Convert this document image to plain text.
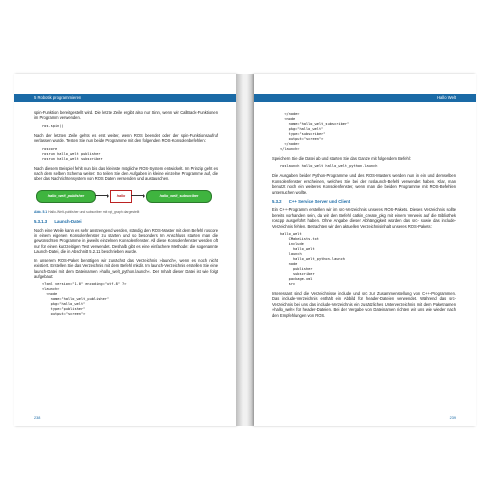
5 Robotik programmieren

spin-Funktion bereitgestellt wird. Die letzte Zeile ergibt also nur Sinn, wenn wir CallBack-Funktionen im Programm verwenden.

ros.spin()

Nach der letzten Zeile gehts es erst weiter, wenn ROS beendet oder der spin-Funktionsaufruf verlassen wurde. Testen Sie nun beide Programme mit den folgenden ROS-Konsolenbefehlen:

roscore
rosrun hallo_welt publisher
rosrun hallo_welt subscriber

Nach diesem Beispiel fehlt nun bis das kleinste mögliche ROS-System entwickelt. Im Prinzip geht es nach dem selben Schema weiter: So teilen Sie den Aufgaben in kleine einzelne Programme auf, die über das Nachrichtensystem von ROS Daten versenden und austauschen.

hallo_welt_publisher	hallo	hallo_welt_subscriber

Abb. 5.1 Hallo-Welt-publisher und subscriber mit rqt_graph dargestellt

5.3.1.3 Launch-Datei

Noch eine Weile kann es sehr anstrengend werden, ständig den ROS-Master mit dem Befehl roscore in einem eigenen Konsolenfenster zu starten und so besonders Im Anschluss starten man die gewünschten Programme in jeweils einzelnen Konsolenfenster. All diese Konsolenfenster werden oft nur für einen kurzzeitigen Test verwendet. Deshalb gibt es eine einfachere Methode: die sogenannte Launch-Datei, die in Abschnitt 5.2.11 beschrieben wurde.

In unserem ROS-Paket benötigen wir zunächst das Verzeichnis »launch«, wenn es noch nicht existiert. Erstellen Sie das Verzeichnis mit dem Befehl mkdir. Im launch-Verzeichnis erstellen Sie eine launch-Datei mit dem Dateinamen »hallo_welt_python.launch«. Der Inhalt dieser Datei ist wie folgt aufgebaut:

<?xml version="1.0" encoding="utf-8" ?>
<launch>
<node
name="hallo_welt_publisher"
pkg="hallo_welt"
type="publisher"
output="screen">
238
Hallo Welt
</node>
<node
name="hallo_welt_subscriber"
pkg="hallo_welt"
type="subscriber"
output="screen">
</node>
</launch>

Speichern Sie die Datei ab und starten Sie das Ganze mit folgendem Befehl:

roslaunch hallo_welt hallo_welt_python.launch

Die Ausgaben beider Python-Programme und des ROS-Masters werden nun in ein und demselben Konsolenfenster erscheinen, welches Sie bei der roslaunch-Befehl verwendet haben. Klar, man benutzt noch ein weiteres Konsolenfenster, wenn man die beiden Programme mit ROS-Befehlen untersuchen wollte.

5.3.2 C++ Service Server und Client

Ein C++-Programm erstellen wir im src-Verzeichnis unseres ROS-Pakets. Dieses Verzeichnis sollte bereits vorhanden sein, da wir den Befehl catkin_create_pkg mit einem Verweis auf die Bibliothek roscpp ausgeführt haben. Ohne Angabe dieser Abhängigkeit würden das src- sowie das include-Verzeichnis fehlen. Betrachten wir den aktuellen Verzeichnisinhalt unseres ROS-Pakets:

hallo_welt
CMakeLists.txt
include
hallo_welt
launch
hallo_welt_python.launch
node
publisher
subscriber
package.xml
src

Interessant sind die Verzeichnisse include und src zur Zusammenstellung von C++-Programmen. Das include-Verzeichnis enthält ein Abbild für header-Dateien verwendet. Während das src-Verzeichnis bei uns das include-Verzeichnis ein zusätzliches Unterverzeichnis mit dem Paketnamen »hallo_welt« für header-Dateien. Bei der Vergabe von Dateinamen richten wir uns wie wieder nach den Empfehlungen von ROS.

239
